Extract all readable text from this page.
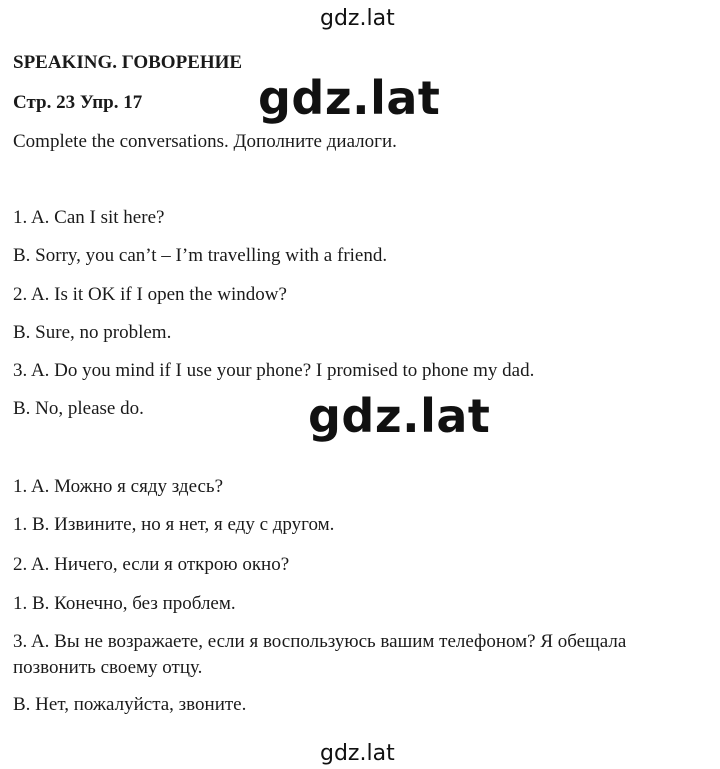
gdz.lat
SPEAKING. ГОВОРЕНИЕ
Стр. 23 Упр. 17	gdz.lat
Complete the conversations. Дополните диалоги.
1. A. Can I sit here?
B. Sorry, you can’t – I’m travelling with a friend.
2. A. Is it OK if I open the window?
B. Sure, no problem.
3. A. Do you mind if I use your phone? I promised to phone my dad.
B. No, please do.	gdz.lat
1. A. Можно я сяду здесь?
1. B. Извините, но я нет, я еду с другом.
2. A. Ничего, если я открою окно?
1. B. Конечно, без проблем.
3. A. Вы не возражаете, если я воспользуюсь вашим телефоном? Я обещала позвонить своему отцу.
B. Нет, пожалуйста, звоните.
gdz.lat
